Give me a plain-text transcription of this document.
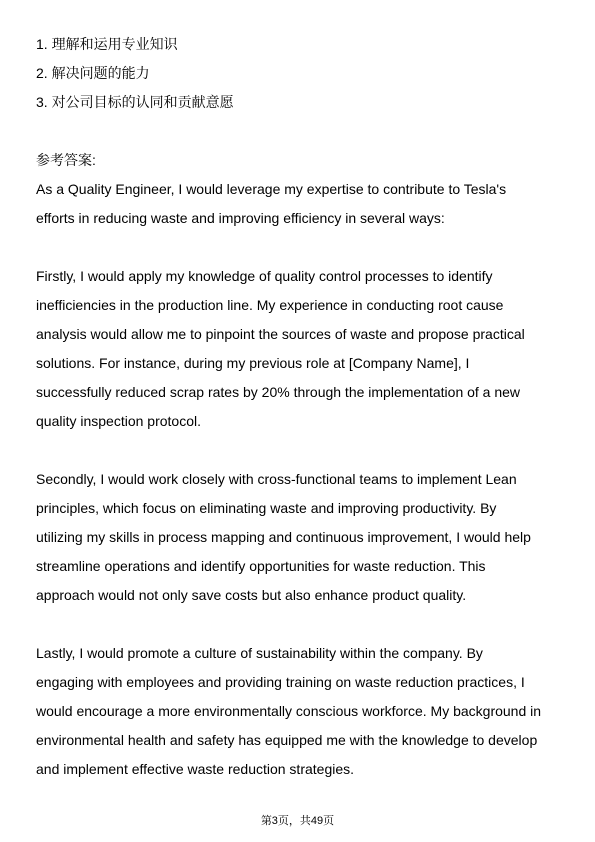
1. 理解和运用专业知识
2. 解决问题的能力
3. 对公司目标的认同和贡献意愿
参考答案:
As a Quality Engineer, I would leverage my expertise to contribute to Tesla's
efforts in reducing waste and improving efficiency in several ways:
Firstly, I would apply my knowledge of quality control processes to identify
inefficiencies in the production line. My experience in conducting root cause
analysis would allow me to pinpoint the sources of waste and propose practical
solutions. For instance, during my previous role at [Company Name], I
successfully reduced scrap rates by 20% through the implementation of a new
quality inspection protocol.
Secondly, I would work closely with cross-functional teams to implement Lean
principles, which focus on eliminating waste and improving productivity. By
utilizing my skills in process mapping and continuous improvement, I would help
streamline operations and identify opportunities for waste reduction. This
approach would not only save costs but also enhance product quality.
Lastly, I would promote a culture of sustainability within the company. By
engaging with employees and providing training on waste reduction practices, I
would encourage a more environmentally conscious workforce. My background in
environmental health and safety has equipped me with the knowledge to develop
and implement effective waste reduction strategies.
第3页，共49页
